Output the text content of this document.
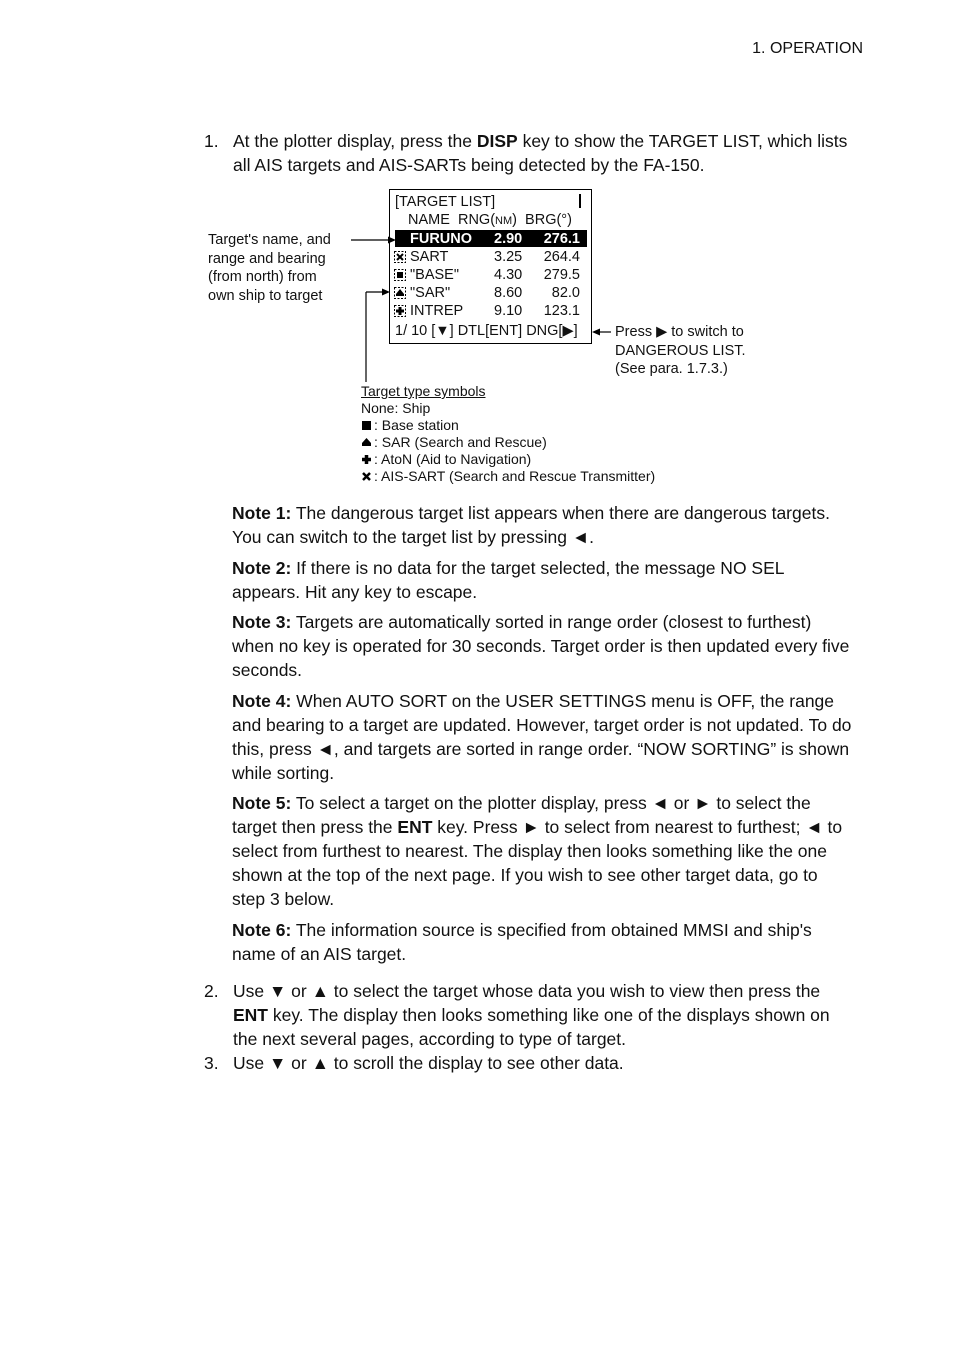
1. OPERATION
1. At the plotter display, press the DISP key to show the TARGET LIST, which lists all AIS targets and AIS-SARTs being detected by the FA-150.
[TARGET LIST]
NAME RNG(NM) BRG(°)
FURUNO 2.90 276.1
SART	3.25 264.4
"BASE" 4.30 279.5
"SAR"	8.60	82.0
INTREP 9.10 123.1
1/ 10 [▼] DTL[ENT] DNG[▶]
Target's name, and
range and bearing
(from north) from
own ship to target
Press ▶ to switch to
DANGEROUS LIST.
(See para. 1.7.3.)
Target type symbols
None: Ship
: Base station
: SAR (Search and Rescue)
: AtoN (Aid to Navigation)
: AIS-SART (Search and Rescue Transmitter)
Note 1: The dangerous target list appears when there are dangerous targets. You can switch to the target list by pressing ◄.
Note 2: If there is no data for the target selected, the message NO SEL appears. Hit any key to escape.
Note 3: Targets are automatically sorted in range order (closest to furthest) when no key is operated for 30 seconds. Target order is then updated every five seconds.
Note 4: When AUTO SORT on the USER SETTINGS menu is OFF, the range and bearing to a target are updated. However, target order is not updated. To do this, press ◄, and targets are sorted in range order. “NOW SORTING” is shown while sorting.
Note 5: To select a target on the plotter display, press ◄ or ► to select the target then press the ENT key. Press ► to select from nearest to furthest; ◄ to select from furthest to nearest. The display then looks something like the one shown at the top of the next page. If you wish to see other target data, go to step 3 below.
Note 6: The information source is specified from obtained MMSI and ship's name of an AIS target.
2. Use ▼ or ▲ to select the target whose data you wish to view then press the ENT key. The display then looks something like one of the displays shown on the next several pages, according to type of target.
3. Use ▼ or ▲ to scroll the display to see other data.
